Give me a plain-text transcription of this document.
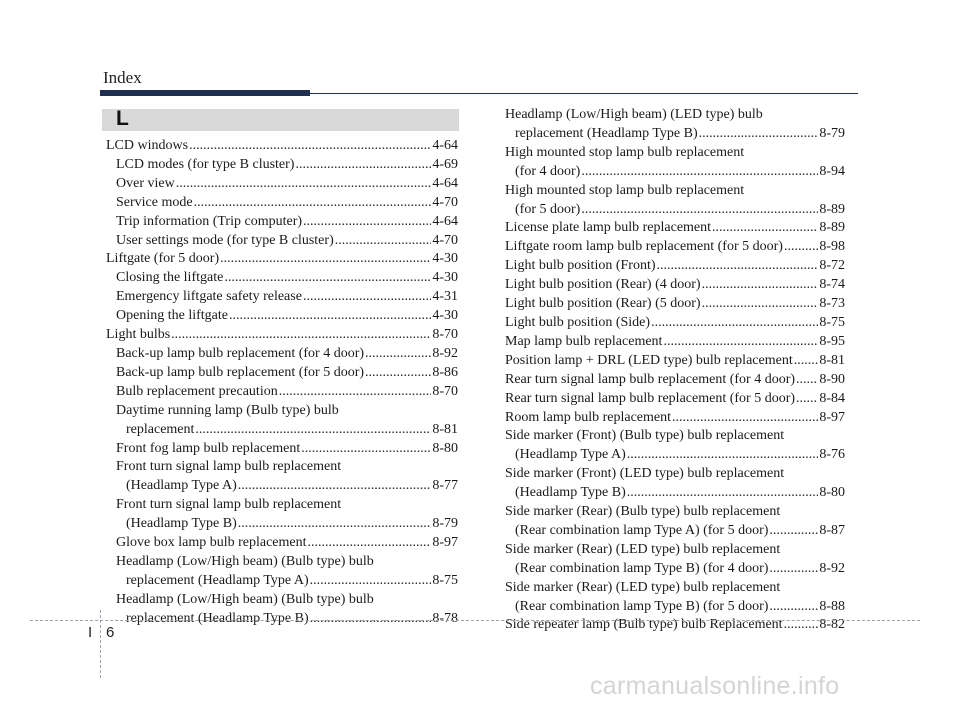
Index
L
LCD windows .....	4-64
LCD modes (for type B cluster) .....	4-69
Over view .....	4-64
Service mode .....	4-70
Trip information (Trip computer) .....	4-64
User settings mode (for type B cluster) .....	4-70
Liftgate (for 5 door) .....	4-30
Closing the liftgate .....	4-30
Emergency liftgate safety release .....	4-31
Opening the liftgate .....	4-30
Light bulbs .....	8-70
Back-up lamp bulb replacement (for 4 door) .....	8-92
Back-up lamp bulb replacement (for 5 door) .....	8-86
Bulb replacement precaution .....	8-70
Daytime running lamp (Bulb type) bulb
replacement .....	8-81
Front fog lamp bulb replacement .....	8-80
Front turn signal lamp bulb replacement
(Headlamp Type A) .....	8-77
Front turn signal lamp bulb replacement
(Headlamp Type B) .....	8-79
Glove box lamp bulb replacement .....	8-97
Headlamp (Low/High beam) (Bulb type) bulb
replacement (Headlamp Type A) .....	8-75
Headlamp (Low/High beam) (Bulb type) bulb
replacement (Headlamp Type B) .....	8-78
Headlamp (Low/High beam) (LED type) bulb
replacement (Headlamp Type B) .....	8-79
High mounted stop lamp bulb replacement
(for 4 door) .....	8-94
High mounted stop lamp bulb replacement
(for 5 door) .....	8-89
License plate lamp bulb replacement .....	8-89
Liftgate room lamp bulb replacement (for 5 door) .....	8-98
Light bulb position (Front) .....	8-72
Light bulb position (Rear) (4 door) .....	8-74
Light bulb position (Rear) (5 door) .....	8-73
Light bulb position (Side) .....	8-75
Map lamp bulb replacement .....	8-95
Position lamp + DRL (LED type) bulb replacement ..... 8-81
Rear turn signal lamp bulb replacement (for 4 door) ..... 8-90
Rear turn signal lamp bulb replacement (for 5 door) ..... 8-84
Room lamp bulb replacement .....	8-97
Side marker (Front) (Bulb type) bulb replacement
(Headlamp Type A) .....	8-76
Side marker (Front) (LED type) bulb replacement
(Headlamp Type B) .....	8-80
Side marker (Rear) (Bulb type) bulb replacement
(Rear combination lamp Type A) (for 5 door) .....	8-87
Side marker (Rear) (LED type) bulb replacement
(Rear combination lamp Type B) (for 4 door) .....	8-92
Side marker (Rear) (LED type) bulb replacement
(Rear combination lamp Type B) (for 5 door) .....	8-88
Side repeater lamp (Bulb type) bulb Replacement .....	8-82
I 6
carmanualsonline.info
